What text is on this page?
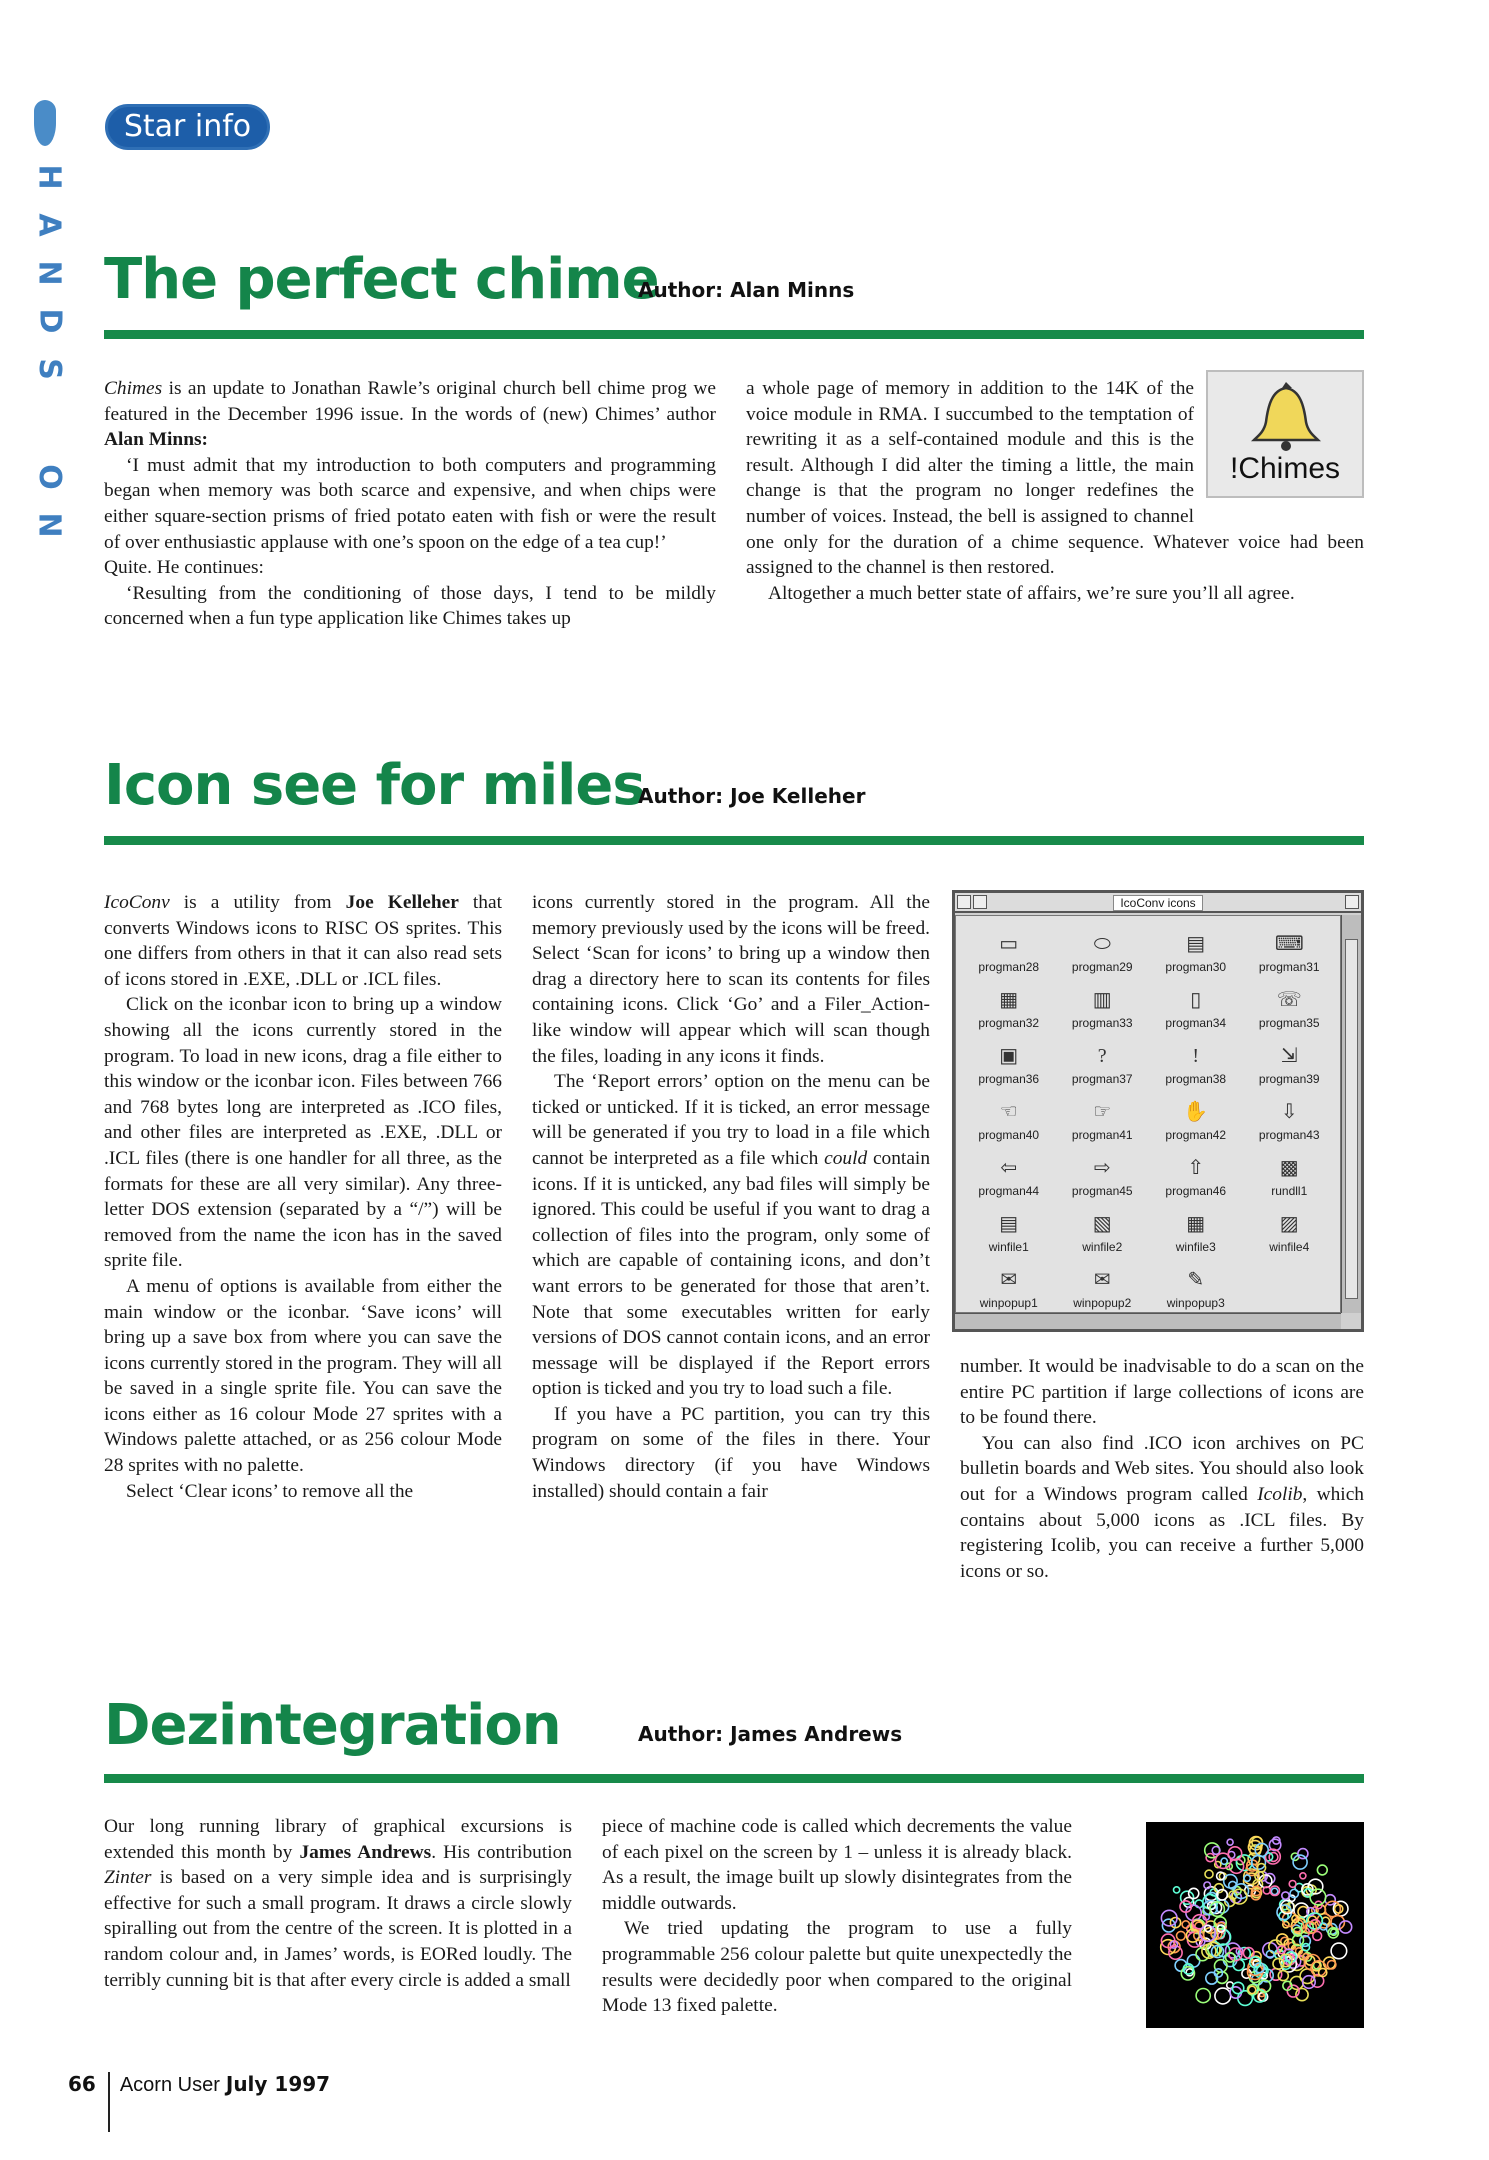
H
A
N
D
S
O
N
Star info
The perfect chime
Author: Alan Minns

Chimes is an update to Jonathan Rawle’s original church bell chime prog we featured in the December 1996 issue. In the words of (new) Chimes’ author Alan Minns:

‘I must admit that my introduction to both computers and programming began when memory was both scarce and expensive, and when chips were either square-section prisms of fried potato eaten with fish or were the result of over enthusiastic applause with one’s spoon on the edge of a tea cup!’

Quite. He continues:

‘Resulting from the conditioning of those days, I tend to be mildly concerned when a fun type application like Chimes takes up

a whole page of memory in addition to the 14K of the voice module in RMA. I succumbed to the temptation of rewriting it as a self-contained module and this is the result. Although I did alter the timing a little, the main change is that the program no longer redefines the number of voices. Instead, the bell is assigned to channel one only for the duration of a chime sequence. Whatever voice had been assigned to the channel is then restored.

Altogether a much better state of affairs, we’re sure you’ll all agree.

!Chimes
Icon see for miles
Author: Joe Kelleher

IcoConv is a utility from Joe Kelleher that converts Windows icons to RISC OS sprites. This one differs from others in that it can also read sets of icons stored in .EXE, .DLL or .ICL files.

Click on the iconbar icon to bring up a window showing all the icons currently stored in the program. To load in new icons, drag a file either to this window or the iconbar icon. Files between 766 and 768 bytes long are interpreted as .ICO files, and other files are interpreted as .EXE, .DLL or .ICL files (there is one handler for all three, as the formats for these are all very similar). Any three-letter DOS extension (separated by a “/”) will be removed from the name the icon has in the saved sprite file.

A menu of options is available from either the main window or the iconbar. ‘Save icons’ will bring up a save box from where you can save the icons currently stored in the program. They will all be saved in a single sprite file. You can save the icons either as 16 colour Mode 27 sprites with a Windows palette attached, or as 256 colour Mode 28 sprites with no palette.

Select ‘Clear icons’ to remove all the

icons currently stored in the program. All the memory previously used by the icons will be freed. Select ‘Scan for icons’ to bring up a window then drag a directory here to scan its contents for files containing icons. Click ‘Go’ and a Filer_Action-like window will appear which will scan though the files, loading in any icons it finds.

The ‘Report errors’ option on the menu can be ticked or unticked. If it is ticked, an error message will be generated if you try to load in a file which cannot be interpreted as a file which could contain icons. If it is unticked, any bad files will simply be ignored. This could be useful if you want to drag a collection of files into the program, only some of which are capable of containing icons, and don’t want errors to be generated for those that aren’t. Note that some executables written for early versions of DOS cannot contain icons, and an error message will be displayed if the Report errors option is ticked and you try to load such a file.

If you have a PC partition, you can try this program on some of the files in there. Your Windows directory (if you have Windows installed) should contain a fair

number. It would be inadvisable to do a scan on the entire PC partition if large collections of icons are to be found there.

You can also find .ICO icon archives on PC bulletin boards and Web sites. You should also look out for a Windows program called Icolib, which contains about 5,000 icons as .ICL files. By registering Icolib, you can receive a further 5,000 icons or so.

IcoConv icons
▭
progman28
⬭
progman29
▤
progman30
⌨
progman31
▦
progman32
▥
progman33
▯
progman34
☏
progman35
▣
progman36
?
progman37
!
progman38
⇲
progman39
☜
progman40
☞
progman41
✋
progman42
⇩
progman43
⇦
progman44
⇨
progman45
⇧
progman46
▩
rundll1
▤
winfile1
▧
winfile2
▦
winfile3
▨
winfile4
✉
winpopup1
✉
winpopup2
✎
winpopup3
Dezintegration	Author: James Andrews

Our long running library of graphical excursions is extended this month by James Andrews. His contribution Zinter is based on a very simple idea and is surprisingly effective for such a small program. It draws a circle slowly spiralling out from the centre of the screen. It is plotted in a random colour and, in James’ words, is EORed loudly. The terribly cunning bit is that after every circle is added a small

piece of machine code is called which decrements the value of each pixel on the screen by 1 – unless it is already black. As a result, the image built up slowly disintegrates from the middle outwards.

We tried updating the program to use a fully programmable 256 colour palette but quite unexpectedly the results were decidedly poor when compared to the original Mode 13 fixed palette.

66 Acorn User July 1997
